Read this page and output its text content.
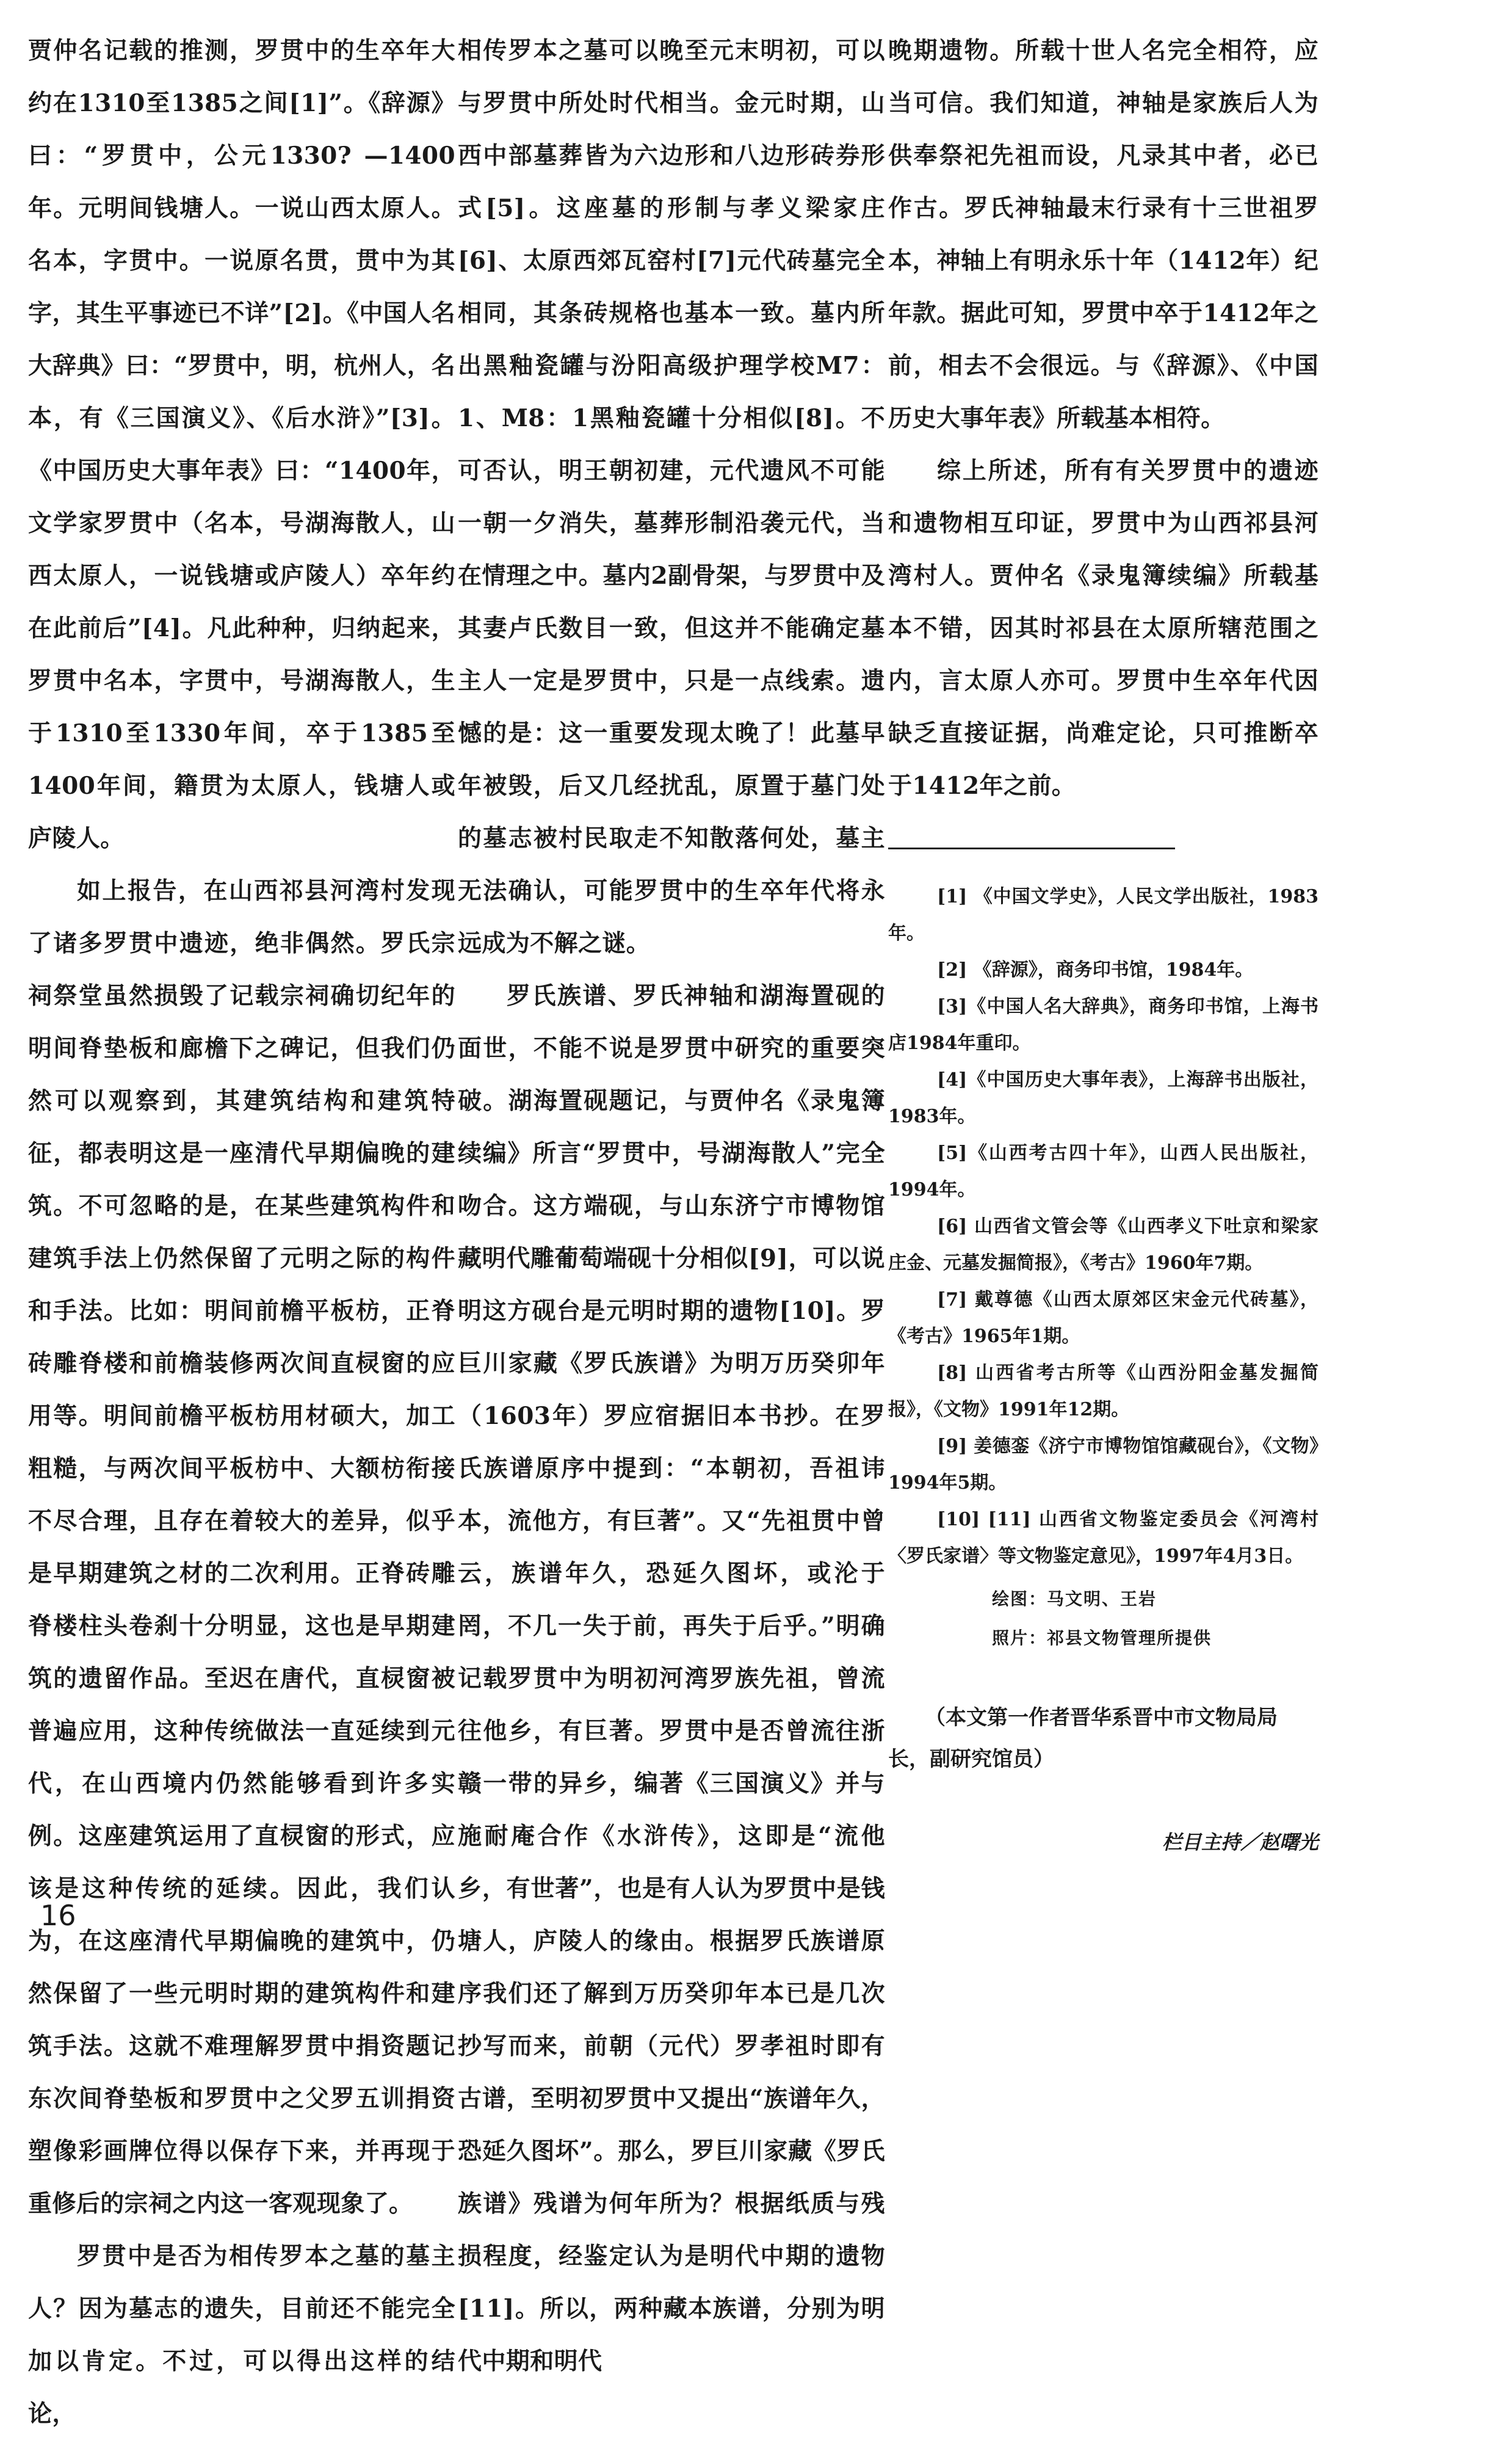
贾仲名记载的推测，罗贯中的生卒年大约在1310至1385之间[1]”。《辞源》曰：“罗贯中，公元1330? —1400年。元明间钱塘人。一说山西太原人。名本，字贯中。一说原名贯，贯中为其字，其生平事迹已不详”[2]。《中国人名大辞典》曰：“罗贯中，明，杭州人，名本，有《三国演义》、《后水浒》”[3]。《中国历史大事年表》曰：“1400年，文学家罗贯中（名本，号湖海散人，山西太原人，一说钱塘或庐陵人）卒年约在此前后”[4]。凡此种种，归纳起来，罗贯中名本，字贯中，号湖海散人，生于1310至1330年间，卒于1385至1400年间，籍贯为太原人，钱塘人或庐陵人。

如上报告，在山西祁县河湾村发现了诸多罗贯中遗迹，绝非偶然。罗氏宗祠祭堂虽然损毁了记载宗祠确切纪年的明间脊垫板和廊檐下之碑记，但我们仍然可以观察到，其建筑结构和建筑特征，都表明这是一座清代早期偏晚的建筑。不可忽略的是，在某些建筑构件和建筑手法上仍然保留了元明之际的构件和手法。比如：明间前檐平板枋，正脊砖雕脊楼和前檐装修两次间直棂窗的应用等。明间前檐平板枋用材硕大，加工粗糙，与两次间平板枋中、大额枋衔接不尽合理，且存在着较大的差异，似乎是早期建筑之材的二次利用。正脊砖雕脊楼柱头卷刹十分明显，这也是早期建筑的遗留作品。至迟在唐代，直棂窗被普遍应用，这种传统做法一直延续到元代，在山西境内仍然能够看到许多实例。这座建筑运用了直棂窗的形式，应该是这种传统的延续。因此，我们认为，在这座清代早期偏晚的建筑中，仍然保留了一些元明时期的建筑构件和建筑手法。这就不难理解罗贯中捐资题记东次间脊垫板和罗贯中之父罗五训捐资塑像彩画牌位得以保存下来，并再现于重修后的宗祠之内这一客观现象了。

罗贯中是否为相传罗本之墓的墓主人？因为墓志的遗失，目前还不能完全加以肯定。不过，可以得出这样的结论，

相传罗本之墓可以晚至元末明初，可以与罗贯中所处时代相当。金元时期，山西中部墓葬皆为六边形和八边形砖券形式[5]。这座墓的形制与孝义梁家庄[6]、太原西郊瓦窑村[7]元代砖墓完全相同，其条砖规格也基本一致。墓内所出黑釉瓷罐与汾阳高级护理学校M7：1、M8：1黑釉瓷罐十分相似[8]。不可否认，明王朝初建，元代遗风不可能一朝一夕消失，墓葬形制沿袭元代，当在情理之中。墓内2副骨架，与罗贯中及其妻卢氏数目一致，但这并不能确定墓主人一定是罗贯中，只是一点线索。遗憾的是：这一重要发现太晚了！此墓早年被毁，后又几经扰乱，原置于墓门处的墓志被村民取走不知散落何处，墓主无法确认，可能罗贯中的生卒年代将永远成为不解之谜。

罗氏族谱、罗氏神轴和湖海置砚的面世，不能不说是罗贯中研究的重要突破。湖海置砚题记，与贾仲名《录鬼簿续编》所言“罗贯中，号湖海散人”完全吻合。这方端砚，与山东济宁市博物馆藏明代雕葡萄端砚十分相似[9]，可以说明这方砚台是元明时期的遗物[10]。罗巨川家藏《罗氏族谱》为明万历癸卯年（1603年）罗应宿据旧本书抄。在罗氏族谱原序中提到：“本朝初，吾祖讳本，流他方，有巨著”。又“先祖贯中曾云，族谱年久，恐延久图坏，或沦于罔，不几一失于前，再失于后乎。”明确记载罗贯中为明初河湾罗族先祖，曾流往他乡，有巨著。罗贯中是否曾流往浙赣一带的异乡，编著《三国演义》并与施耐庵合作《水浒传》，这即是“流他乡，有世著”，也是有人认为罗贯中是钱塘人，庐陵人的缘由。根据罗氏族谱原序我们还了解到万历癸卯年本已是几次抄写而来，前朝（元代）罗孝祖时即有古谱，至明初罗贯中又提出“族谱年久，恐延久图坏”。那么，罗巨川家藏《罗氏族谱》残谱为何年所为？根据纸质与残损程度，经鉴定认为是明代中期的遗物[11]。所以，两种藏本族谱，分别为明代中期和明代

晚期遗物。所载十世人名完全相符，应当可信。我们知道，神轴是家族后人为供奉祭祀先祖而设，凡录其中者，必已作古。罗氏神轴最末行录有十三世祖罗本，神轴上有明永乐十年（1412年）纪年款。据此可知，罗贯中卒于1412年之前，相去不会很远。与《辞源》、《中国历史大事年表》所载基本相符。

综上所述，所有有关罗贯中的遗迹和遗物相互印证，罗贯中为山西祁县河湾村人。贾仲名《录鬼簿续编》所载基本不错，因其时祁县在太原所辖范围之内，言太原人亦可。罗贯中生卒年代因缺乏直接证据，尚难定论，只可推断卒于1412年之前。

[1] 《中国文学史》，人民文学出版社，1983年。

[2] 《辞源》，商务印书馆，1984年。

[3]《中国人名大辞典》，商务印书馆，上海书店1984年重印。

[4]《中国历史大事年表》，上海辞书出版社，1983年。

[5]《山西考古四十年》，山西人民出版社，1994年。

[6] 山西省文管会等《山西孝义下吐京和梁家庄金、元墓发掘简报》，《考古》1960年7期。

[7] 戴尊德《山西太原郊区宋金元代砖墓》，《考古》1965年1期。

[8] 山西省考古所等《山西汾阳金墓发掘简报》，《文物》1991年12期。

[9] 姜德銮《济宁市博物馆馆藏砚台》，《文物》1994年5期。

[10] [11] 山西省文物鉴定委员会《河湾村〈罗氏家谱〉等文物鉴定意见》，1997年4月3日。

绘图：马文明、王岩

照片：祁县文物管理所提供

（本文第一作者晋华系晋中市文物局局长，副研究馆员）

栏目主持／赵曙光

16
